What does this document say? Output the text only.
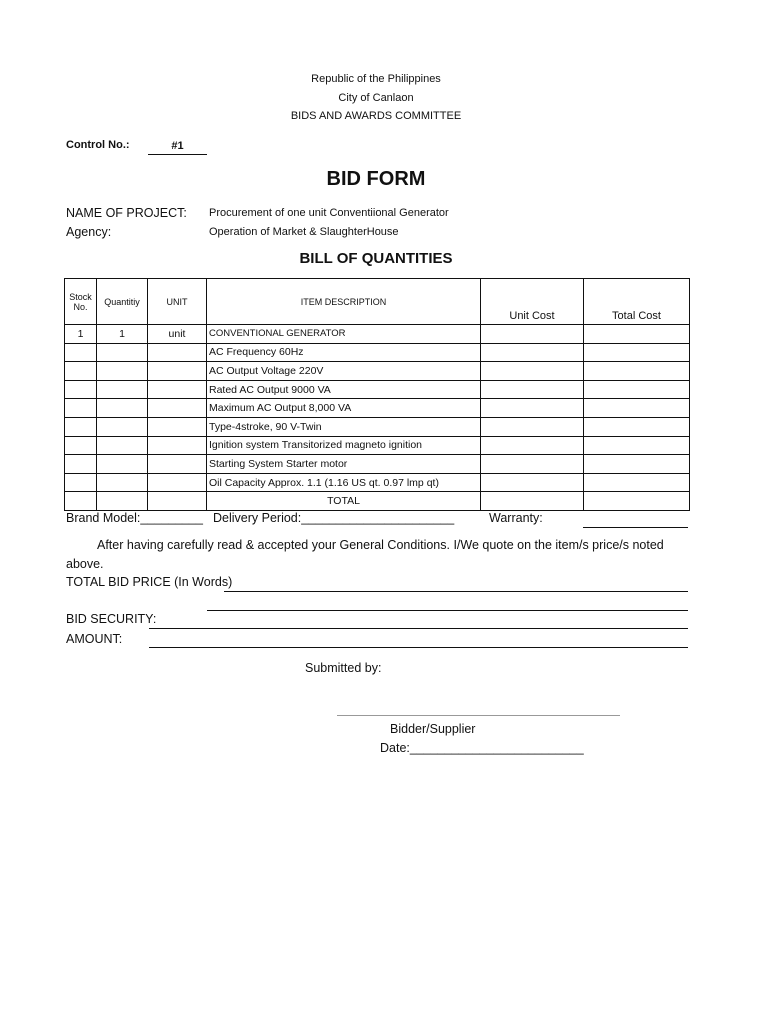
Republic of the Philippines
City of Canlaon
BIDS AND AWARDS COMMITTEE
Control No.:	#1
BID FORM
NAME OF PROJECT: Procurement of one unit Conventiional Generator
Agency:	Operation of Market & SlaughterHouse
BILL OF QUANTITIES
Stock No.	Quantitiy	UNIT	ITEM DESCRIPTION	Unit Cost	Total Cost
1	1	unit	CONVENTIONAL GENERATOR		
			AC Frequency 60Hz		
			AC Output Voltage 220V		
			Rated AC Output 9000 VA		
			Maximum AC Output 8,000 VA		
			Type-4stroke, 90 V-Twin		
			Ignition system Transitorized magneto ignition		
			Starting System Starter motor		
			Oil Capacity Approx. 1.1 (1.16 US qt. 0.97 lmp qt)		
			TOTAL		
Brand Model:_________ Delivery Period:______________________	Warranty:
After having carefully read & accepted your General Conditions. I/We quote on the item/s price/s noted above.
TOTAL BID PRICE (In Words)
BID SECURITY:
AMOUNT:
Submitted by:
Bidder/Supplier
Date:_________________________
